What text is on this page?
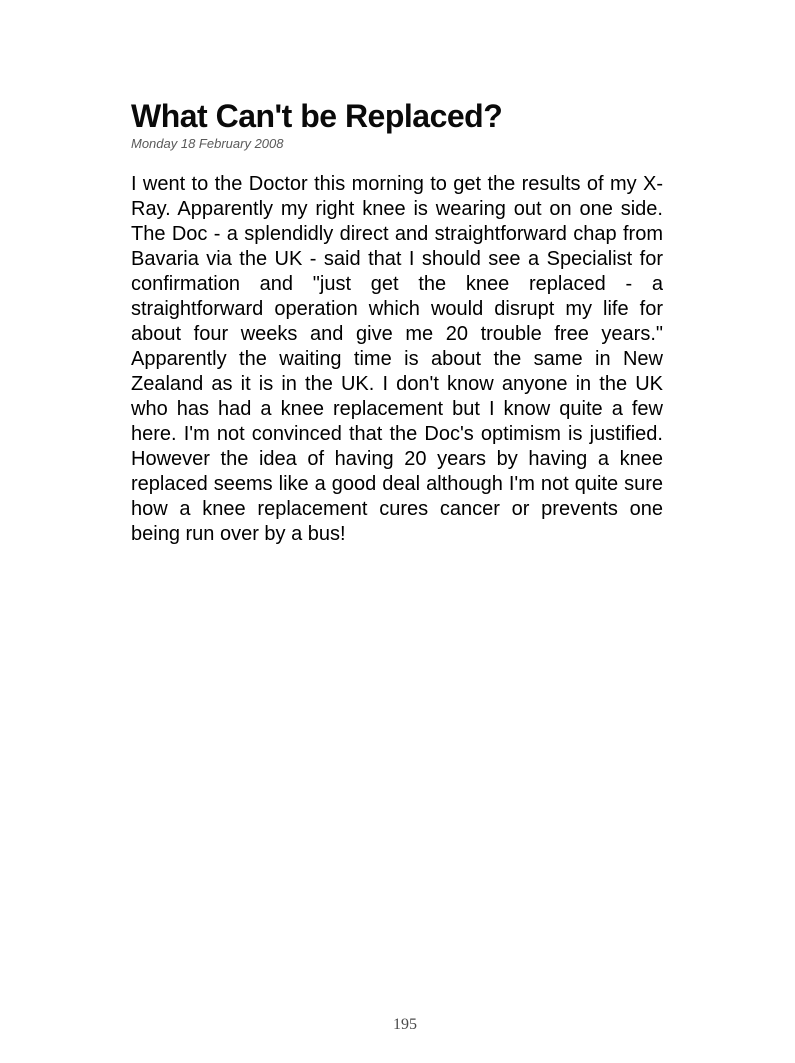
What Can't be Replaced?
Monday 18 February 2008

I went to the Doctor this morning to get the results of my X-Ray. Apparently my right knee is wearing out on one side. The Doc - a splendidly direct and straightforward chap from Bavaria via the UK - said that I should see a Specialist for confirmation and "just get the knee replaced - a straightforward operation which would disrupt my life for about four weeks and give me 20 trouble free years." Apparently the waiting time is about the same in New Zealand as it is in the UK. I don't know anyone in the UK who has had a knee replacement but I know quite a few here. I'm not convinced that the Doc's optimism is justified. However the idea of having 20 years by having a knee replaced seems like a good deal although I'm not quite sure how a knee replacement cures cancer or prevents one being run over by a bus!

195
